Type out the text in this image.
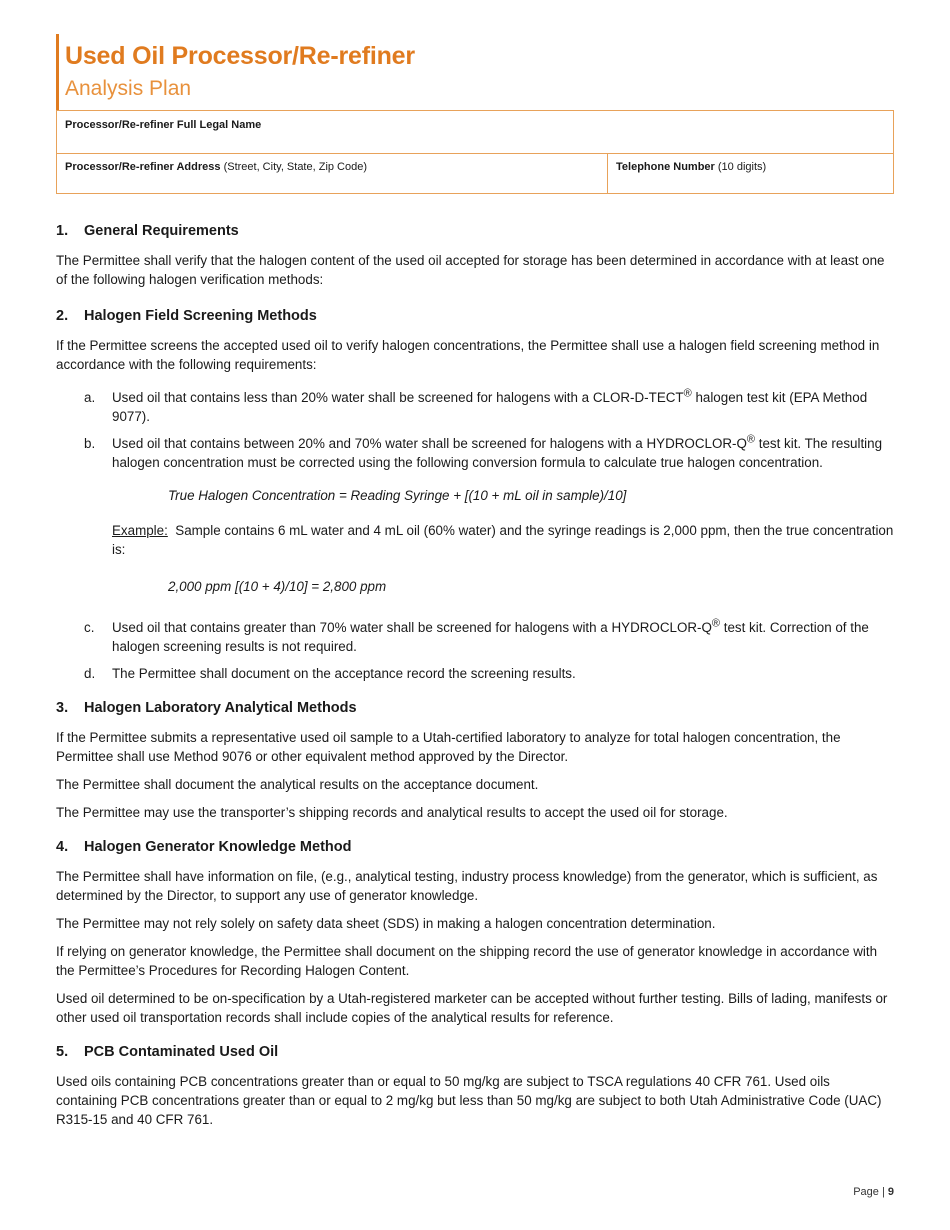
Used Oil Processor/Re-refiner
Analysis Plan
Processor/Re-refiner Full Legal Name
Processor/Re-refiner Address (Street, City, State, Zip Code)	Telephone Number (10 digits)
1.	General Requirements

The Permittee shall verify that the halogen content of the used oil accepted for storage has been determined in accordance with at least one of the following halogen verification methods:

2.	Halogen Field Screening Methods

If the Permittee screens the accepted used oil to verify halogen concentrations, the Permittee shall use a halogen field screening method in accordance with the following requirements:

a.	Used oil that contains less than 20% water shall be screened for halogens with a CLOR-D-TECT® halogen test kit (EPA Method 9077).
b.	Used oil that contains between 20% and 70% water shall be screened for halogens with a HYDROCLOR-Q® test kit. The resulting halogen concentration must be corrected using the following conversion formula to calculate true halogen concentration.
True Halogen Concentration = Reading Syringe + [(10 + mL oil in sample)/10]
Example:  Sample contains 6 mL water and 4 mL oil (60% water) and the syringe readings is 2,000 ppm, then the true concentration is:
2,000 ppm [(10 + 4)/10] = 2,800 ppm
c.	Used oil that contains greater than 70% water shall be screened for halogens with a HYDROCLOR-Q® test kit. Correction of the halogen screening results is not required.
d.	The Permittee shall document on the acceptance record the screening results.
3.	Halogen Laboratory Analytical Methods

If the Permittee submits a representative used oil sample to a Utah-certified laboratory to analyze for total halogen concentration, the Permittee shall use Method 9076 or other equivalent method approved by the Director.

The Permittee shall document the analytical results on the acceptance document.

The Permittee may use the transporter’s shipping records and analytical results to accept the used oil for storage.

4.	Halogen Generator Knowledge Method

The Permittee shall have information on file, (e.g., analytical testing, industry process knowledge) from the generator, which is sufficient, as determined by the Director, to support any use of generator knowledge.

The Permittee may not rely solely on safety data sheet (SDS) in making a halogen concentration determination.

If relying on generator knowledge, the Permittee shall document on the shipping record the use of generator knowledge in accordance with the Permittee’s Procedures for Recording Halogen Content.

Used oil determined to be on-specification by a Utah-registered marketer can be accepted without further testing. Bills of lading, manifests or other used oil transportation records shall include copies of the analytical results for reference.

5.	PCB Contaminated Used Oil

Used oils containing PCB concentrations greater than or equal to 50 mg/kg are subject to TSCA regulations 40 CFR 761. Used oils containing PCB concentrations greater than or equal to 2 mg/kg but less than 50 mg/kg are subject to both Utah Administrative Code (UAC) R315-15 and 40 CFR 761.

Page | 9
